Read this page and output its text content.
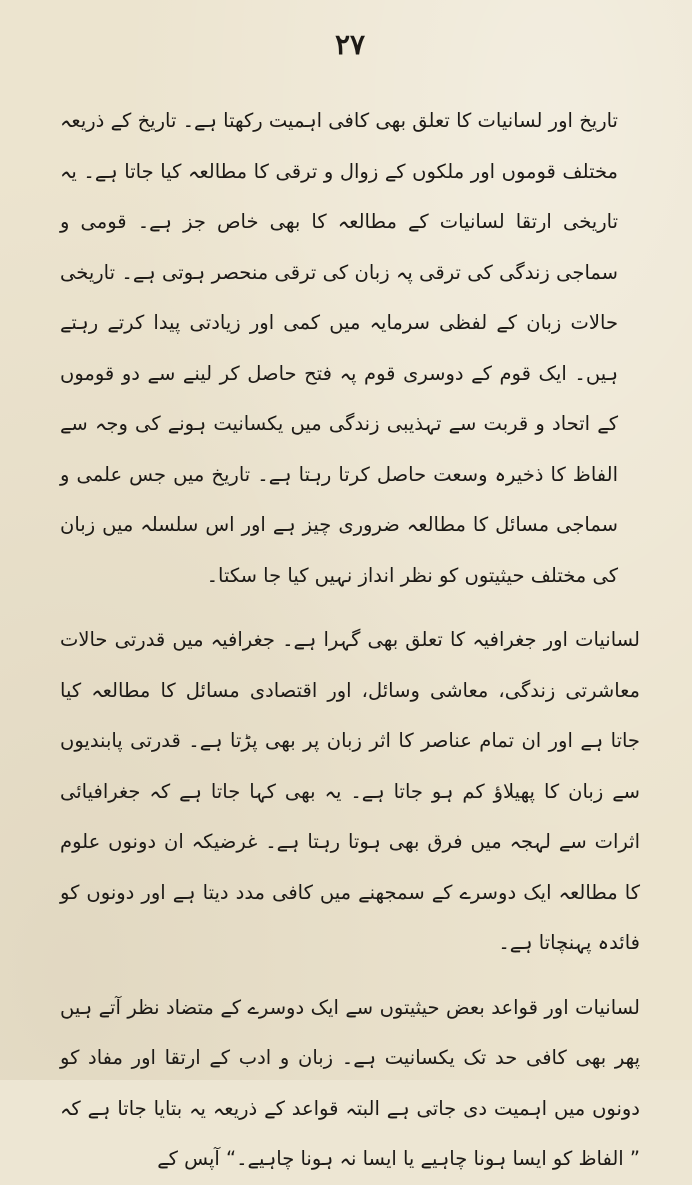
۲۷

تاریخ اور لسانیات کا تعلق بھی کافی اہمیت رکھتا ہے۔ تاریخ کے ذریعہ مختلف قوموں اور ملکوں کے زوال و ترقی کا مطالعہ کیا جاتا ہے۔ یہ تاریخی ارتقا لسانیات کے مطالعہ کا بھی خاص جز ہے۔ قومی و سماجی زندگی کی ترقی پہ زبان کی ترقی منحصر ہوتی ہے۔ تاریخی حالات زبان کے لفظی سرمایہ میں کمی اور زیادتی پیدا کرتے رہتے ہیں۔ ایک قوم کے دوسری قوم پہ فتح حاصل کر لینے سے دو قوموں کے اتحاد و قربت سے تہذیبی زندگی میں یکسانیت ہونے کی وجہ سے الفاظ کا ذخیرہ وسعت حاصل کرتا رہتا ہے۔ تاریخ میں جس علمی و سماجی مسائل کا مطالعہ ضروری چیز ہے اور اس سلسلہ میں زبان کی مختلف حیثیتوں کو نظر انداز نہیں کیا جا سکتا۔

لسانیات اور جغرافیہ کا تعلق بھی گہرا ہے۔ جغرافیہ میں قدرتی حالات معاشرتی زندگی، معاشی وسائل، اور اقتصادی مسائل کا مطالعہ کیا جاتا ہے اور ان تمام عناصر کا اثر زبان پر بھی پڑتا ہے۔ قدرتی پابندیوں سے زبان کا پھیلاؤ کم ہو جاتا ہے۔ یہ بھی کہا جاتا ہے کہ جغرافیائی اثرات سے لہجہ میں فرق بھی ہوتا رہتا ہے۔ غرضیکہ ان دونوں علوم کا مطالعہ ایک دوسرے کے سمجھنے میں کافی مدد دیتا ہے اور دونوں کو فائدہ پہنچاتا ہے۔

لسانیات اور قواعد بعض حیثیتوں سے ایک دوسرے کے متضاد نظر آتے ہیں پھر بھی کافی حد تک یکسانیت ہے۔ زبان و ادب کے ارتقا اور مفاد کو دونوں میں اہمیت دی جاتی ہے البتہ قواعد کے ذریعہ یہ بتایا جاتا ہے کہ ” الفاظ کو ایسا ہونا چاہیے یا ایسا نہ ہونا چاہیے۔“ آپس کے
